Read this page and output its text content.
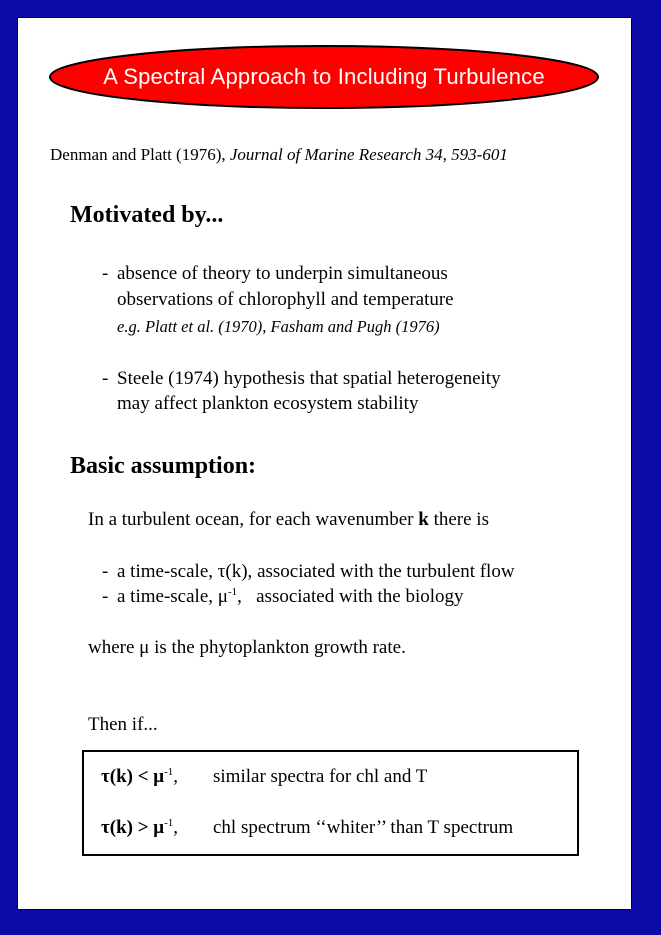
A Spectral Approach to Including Turbulence
Denman and Platt (1976), Journal of Marine Research 34, 593-601
Motivated by...
- absence of theory to underpin simultaneous
observations of chlorophyll and temperature
e.g. Platt et al. (1970), Fasham and Pugh (1976)
- Steele (1974) hypothesis that spatial heterogeneity
may affect plankton ecosystem stability
Basic assumption:
In a turbulent ocean, for each wavenumber k there is
- a time-scale, τ(k), associated with the turbulent flow
- a time-scale, $\mu^{-1}$,   associated with the biology
where μ is the phytoplankton growth rate.
Then if...
$\tau(k) < \mu^{-1}$, similar spectra for chl and T
$\tau(k) > \mu^{-1}$, chl spectrum ‘‘whiter’’ than T spectrum
